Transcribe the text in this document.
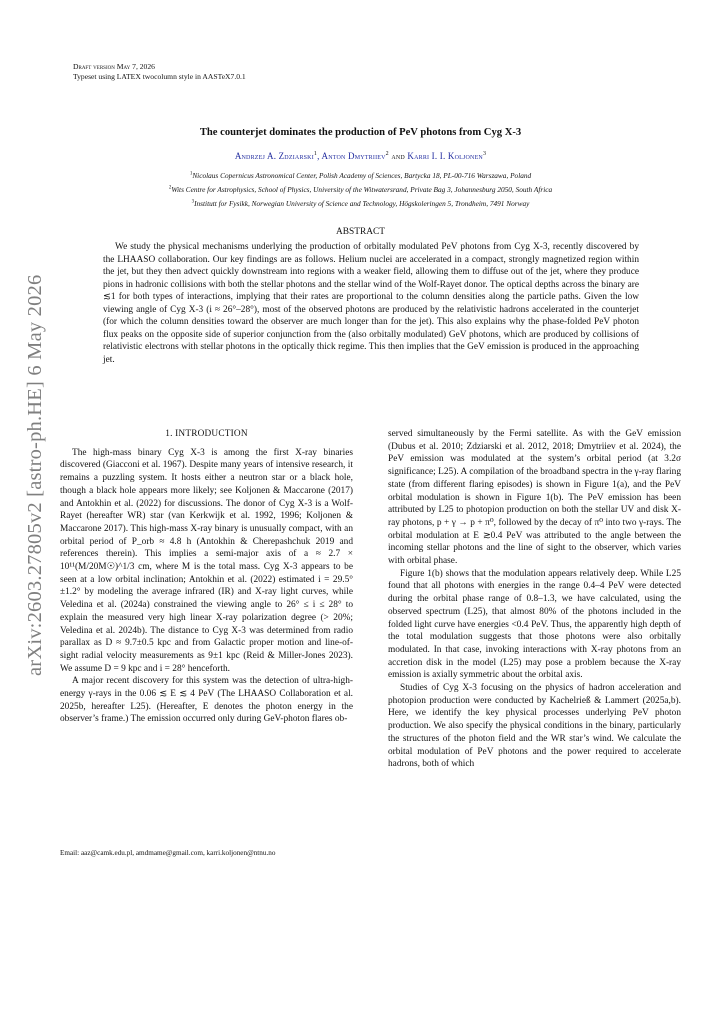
Draft version May 7, 2026
Typeset using LATEX twocolumn style in AASTeX7.0.1
arXiv:2603.27805v2 [astro-ph.HE] 6 May 2026
The counterjet dominates the production of PeV photons from Cyg X-3
Andrzej A. Zdziarski$^1$, Anton Dmytriiev$^2$ and Karri I. I. Koljonen$^3$
$^1$Nicolaus Copernicus Astronomical Center, Polish Academy of Sciences, Bartycka 18, PL-00-716 Warszawa, Poland
$^2$Wits Centre for Astrophysics, School of Physics, University of the Witwatersrand, Private Bag 3, Johannesburg 2050, South Africa
$^3$Institutt for Fysikk, Norwegian University of Science and Technology, Högskoleringen 5, Trondheim, 7491 Norway
ABSTRACT
We study the physical mechanisms underlying the production of orbitally modulated PeV photons from Cyg X-3, recently discovered by the LHAASO collaboration. Our key findings are as follows. Helium nuclei are accelerated in a compact, strongly magnetized region within the jet, but they then advect quickly downstream into regions with a weaker field, allowing them to diffuse out of the jet, where they produce pions in hadronic collisions with both the stellar photons and the stellar wind of the Wolf-Rayet donor. The optical depths across the binary are ≲1 for both types of interactions, implying that their rates are proportional to the column densities along the particle paths. Given the low viewing angle of Cyg X-3 (i ≈ 26°–28°), most of the observed photons are produced by the relativistic hadrons accelerated in the counterjet (for which the column densities toward the observer are much longer than for the jet). This also explains why the phase-folded PeV photon flux peaks on the opposite side of superior conjunction from the (also orbitally modulated) GeV photons, which are produced by collisions of relativistic electrons with stellar photons in the optically thick regime. This then implies that the GeV emission is produced in the approaching jet.
1. INTRODUCTION

The high-mass binary Cyg X-3 is among the first X-ray binaries discovered (Giacconi et al. 1967). Despite many years of intensive research, it remains a puzzling system. It hosts either a neutron star or a black hole, though a black hole appears more likely; see Koljonen & Maccarone (2017) and Antokhin et al. (2022) for discussions. The donor of Cyg X-3 is a Wolf-Rayet (hereafter WR) star (van Kerkwijk et al. 1992, 1996; Koljonen & Maccarone 2017). This high-mass X-ray binary is unusually compact, with an orbital period of P_orb ≈ 4.8 h (Antokhin & Cherepashchuk 2019 and references therein). This implies a semi-major axis of a ≈ 2.7 × 10¹¹(M/20M☉)^1/3 cm, where M is the total mass. Cyg X-3 appears to be seen at a low orbital inclination; Antokhin et al. (2022) estimated i = 29.5°±1.2° by modeling the average infrared (IR) and X-ray light curves, while Veledina et al. (2024a) constrained the viewing angle to 26° ≤ i ≤ 28° to explain the measured very high linear X-ray polarization degree (> 20%; Veledina et al. 2024b). The distance to Cyg X-3 was determined from radio parallax as D ≈ 9.7±0.5 kpc and from Galactic proper motion and line-of-sight radial velocity measurements as 9±1 kpc (Reid & Miller-Jones 2023). We assume D = 9 kpc and i = 28° henceforth.

A major recent discovery for this system was the detection of ultra-high-energy γ-rays in the 0.06 ≲ E ≲ 4 PeV (The LHAASO Collaboration et al. 2025b, hereafter L25). (Hereafter, E denotes the photon energy in the observer’s frame.) The emission occurred only during GeV-photon flares ob-

served simultaneously by the Fermi satellite. As with the GeV emission (Dubus et al. 2010; Zdziarski et al. 2012, 2018; Dmytriiev et al. 2024), the PeV emission was modulated at the system’s orbital period (at 3.2σ significance; L25). A compilation of the broadband spectra in the γ-ray flaring state (from different flaring episodes) is shown in Figure 1(a), and the PeV orbital modulation is shown in Figure 1(b). The PeV emission has been attributed by L25 to photopion production on both the stellar UV and disk X-ray photons, p + γ → p + π⁰, followed by the decay of π⁰ into two γ-rays. The orbital modulation at E ≳0.4 PeV was attributed to the angle between the incoming stellar photons and the line of sight to the observer, which varies with orbital phase.

Figure 1(b) shows that the modulation appears relatively deep. While L25 found that all photons with energies in the range 0.4–4 PeV were detected during the orbital phase range of 0.8–1.3, we have calculated, using the observed spectrum (L25), that almost 80% of the photons included in the folded light curve have energies <0.4 PeV. Thus, the apparently high depth of the total modulation suggests that those photons were also orbitally modulated. In that case, invoking interactions with X-ray photons from an accretion disk in the model (L25) may pose a problem because the X-ray emission is axially symmetric about the orbital axis.

Studies of Cyg X-3 focusing on the physics of hadron acceleration and photopion production were conducted by Kachelrieß & Lammert (2025a,b). Here, we identify the key physical processes underlying PeV photon production. We also specify the physical conditions in the binary, particularly the structures of the photon field and the WR star’s wind. We calculate the orbital modulation of PeV photons and the power required to accelerate hadrons, both of which

Email: aaz@camk.edu.pl, amdmame@gmail.com, karri.koljonen@ntnu.no
